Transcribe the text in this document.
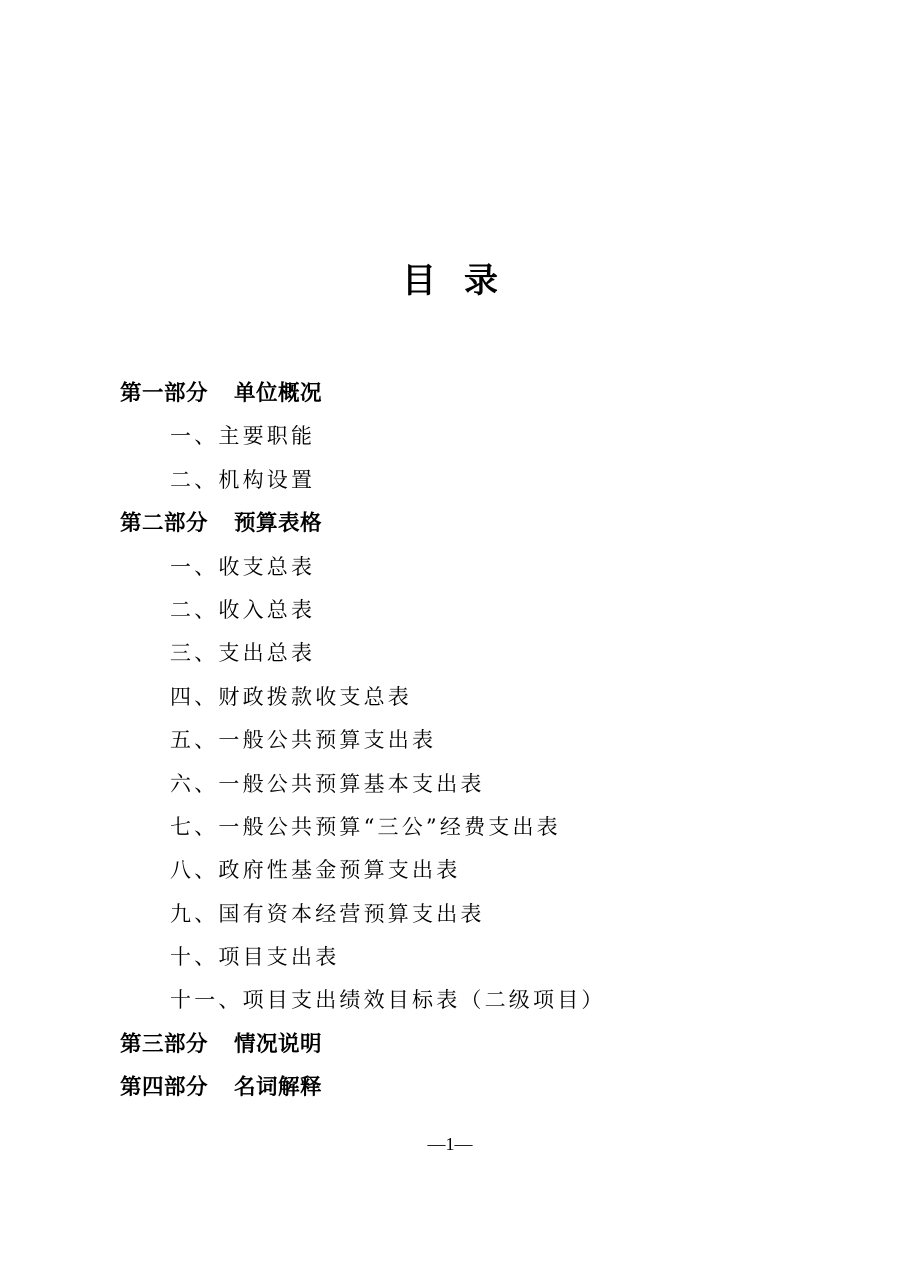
目录
第一部分 单位概况
一、主要职能
二、机构设置
第二部分 预算表格
一、收支总表
二、收入总表
三、支出总表
四、财政拨款收支总表
五、一般公共预算支出表
六、一般公共预算基本支出表
七、一般公共预算“三公”经费支出表
八、政府性基金预算支出表
九、国有资本经营预算支出表
十、项目支出表
十一、项目支出绩效目标表（二级项目）
第三部分 情况说明
第四部分 名词解释
—1—
